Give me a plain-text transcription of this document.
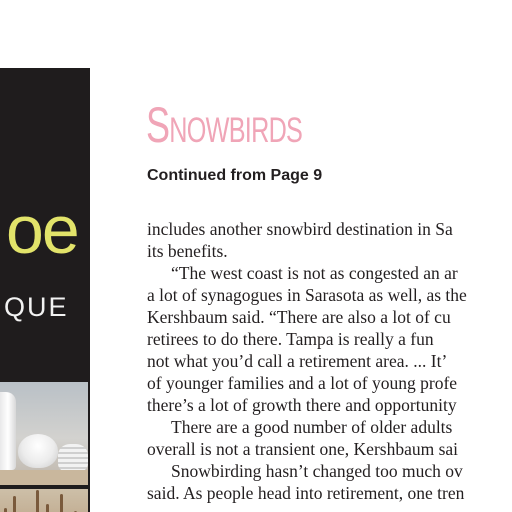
oe
QUE
Snowbirds
Continued from Page 9
includes another snowbird destination in Sa
its benefits.
“The west coast is not as congested an ar
a lot of synagogues in Sarasota as well, as the
Kershbaum said. “There are also a lot of cu
retirees to do there. Tampa is really a fun
not what you’d call a retirement area. ... It’
of younger families and a lot of young profe
there’s a lot of growth there and opportunity
There are a good number of older adults
overall is not a transient one, Kershbaum sai
Snowbirding hasn’t changed too much ov
said. As people head into retirement, one tren
